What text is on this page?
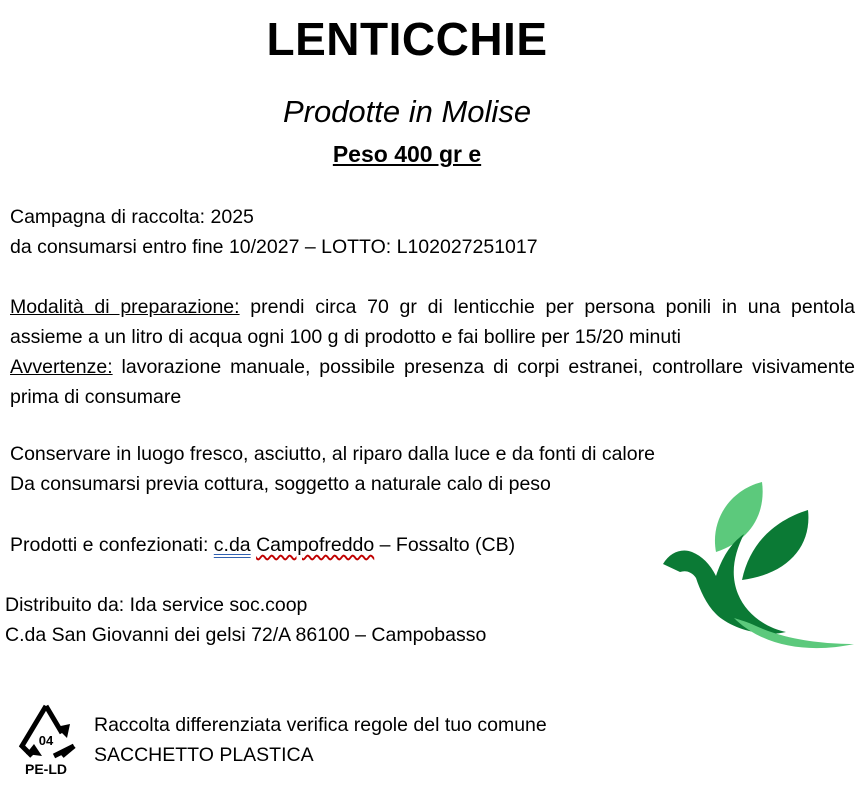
LENTICCHIE
Prodotte in Molise
Peso 400 gr e
Campagna di raccolta: 2025
da consumarsi entro fine 10/2027 – LOTTO: L102027251017
Modalità di preparazione: prendi circa 70 gr di lenticchie per persona ponili in una pentola assieme a un litro di acqua ogni 100 g di prodotto e fai bollire per 15/20 minuti
Avvertenze: lavorazione manuale, possibile presenza di corpi estranei, controllare visivamente prima di consumare
Conservare in luogo fresco, asciutto, al riparo dalla luce e da fonti di calore
Da consumarsi previa cottura, soggetto a naturale calo di peso
Prodotti e confezionati: c.da Campofreddo – Fossalto (CB)
Distribuito da: Ida service soc.coop
C.da San Giovanni dei gelsi 72/A 86100 – Campobasso
04
PE-LD
Raccolta differenziata verifica regole del tuo comune
SACCHETTO PLASTICA
